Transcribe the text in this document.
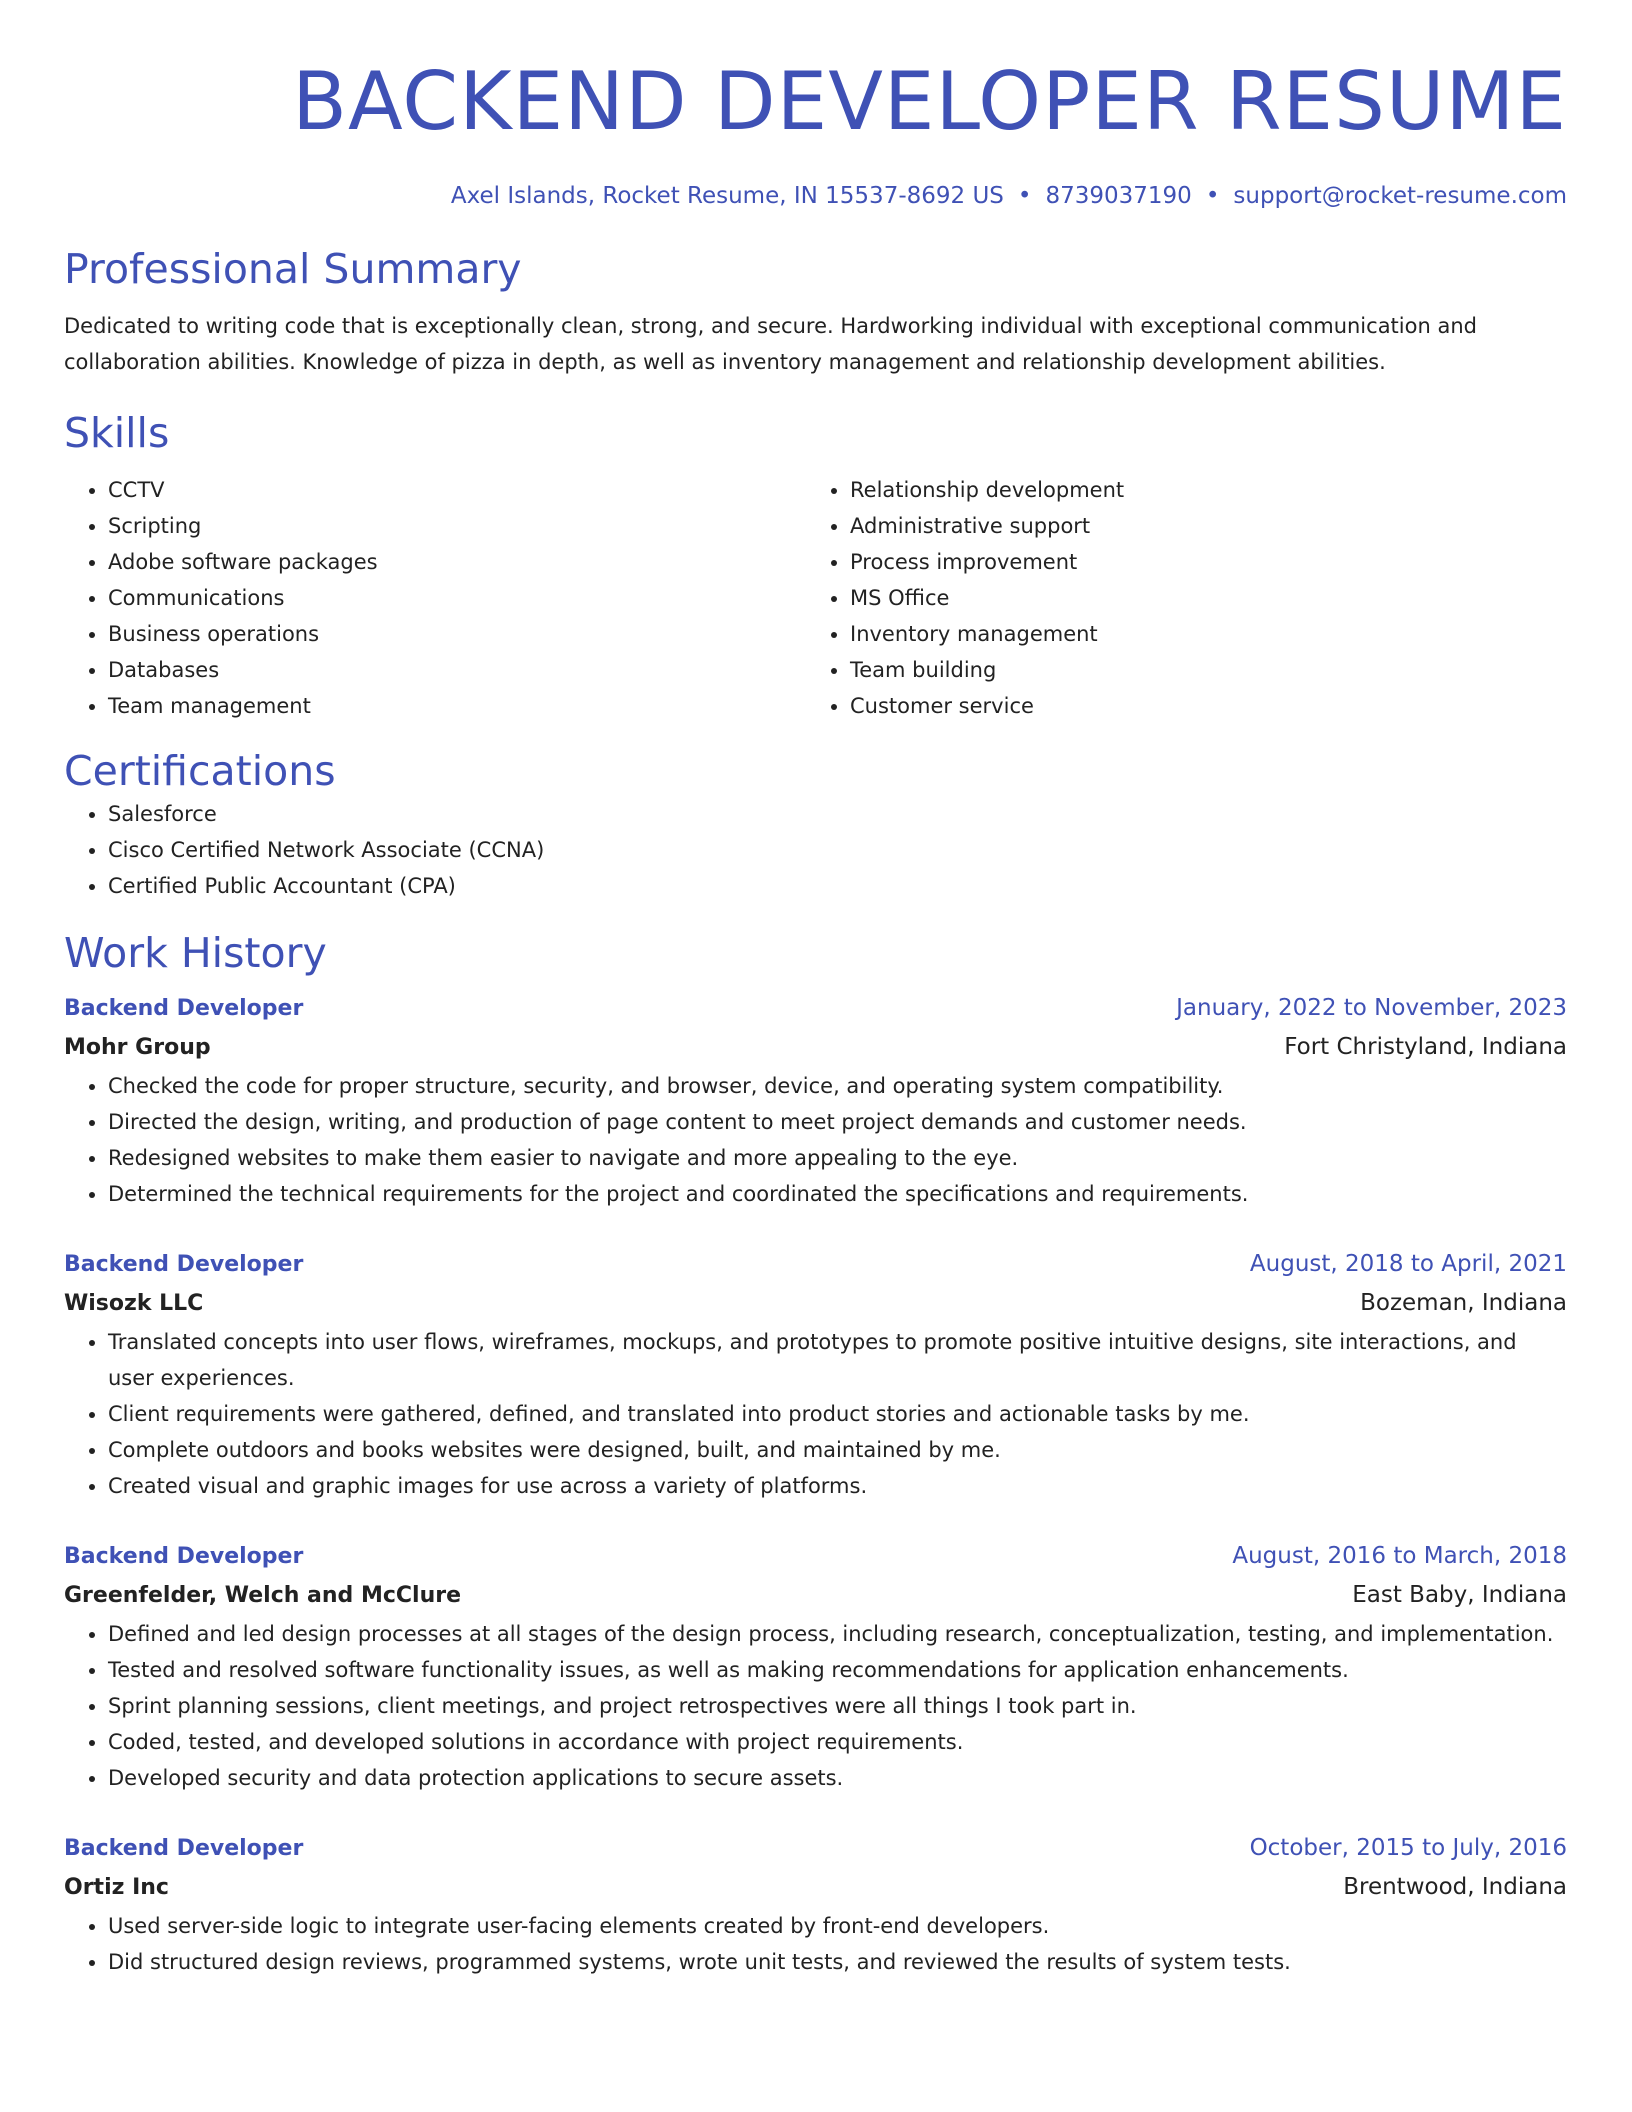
BACKEND DEVELOPER RESUME
Axel Islands, Rocket Resume, IN 15537-8692 US • 8739037190 • support@rocket-resume.com
Professional Summary
Dedicated to writing code that is exceptionally clean, strong, and secure. Hardworking individual with exceptional communication and collaboration abilities. Knowledge of pizza in depth, as well as inventory management and relationship development abilities.
Skills
• CCTV
• Scripting
• Adobe software packages
• Communications
• Business operations
• Databases
• Team management
• Relationship development
• Administrative support
• Process improvement
• MS Office
• Inventory management
• Team building
• Customer service
Certifications
• Salesforce
• Cisco Certified Network Associate (CCNA)
• Certified Public Accountant (CPA)
Work History
Backend Developer	January, 2022 to November, 2023
Mohr Group	Fort Christyland, Indiana
• Checked the code for proper structure, security, and browser, device, and operating system compatibility.
• Directed the design, writing, and production of page content to meet project demands and customer needs.
• Redesigned websites to make them easier to navigate and more appealing to the eye.
• Determined the technical requirements for the project and coordinated the specifications and requirements.
Backend Developer	August, 2018 to April, 2021
Wisozk LLC	Bozeman, Indiana
• Translated concepts into user flows, wireframes, mockups, and prototypes to promote positive intuitive designs, site interactions, and user experiences.
• Client requirements were gathered, defined, and translated into product stories and actionable tasks by me.
• Complete outdoors and books websites were designed, built, and maintained by me.
• Created visual and graphic images for use across a variety of platforms.
Backend Developer	August, 2016 to March, 2018
Greenfelder, Welch and McClure	East Baby, Indiana
• Defined and led design processes at all stages of the design process, including research, conceptualization, testing, and implementation.
• Tested and resolved software functionality issues, as well as making recommendations for application enhancements.
• Sprint planning sessions, client meetings, and project retrospectives were all things I took part in.
• Coded, tested, and developed solutions in accordance with project requirements.
• Developed security and data protection applications to secure assets.
Backend Developer	October, 2015 to July, 2016
Ortiz Inc	Brentwood, Indiana
• Used server-side logic to integrate user-facing elements created by front-end developers.
• Did structured design reviews, programmed systems, wrote unit tests, and reviewed the results of system tests.
